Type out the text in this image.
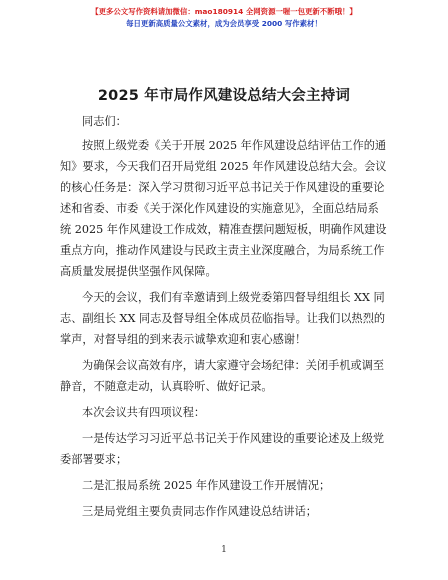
【更多公文写作资料请加微信：mao180914 全网资源一喔一包更新不断哦！】
每日更新高质量公文素材，成为会员享受 2000 写作素材！
2025 年市局作风建设总结大会主持词

同志们：

按照上级党委《关于开展 2025 年作风建设总结评估工作的通知》要求，今天我们召开局党组 2025 年作风建设总结大会。会议的核心任务是：深入学习贯彻习近平总书记关于作风建设的重要论述和省委、市委《关于深化作风建设的实施意见》，全面总结局系统 2025 年作风建设工作成效，精准查摆问题短板，明确作风建设重点方向，推动作风建设与民政主责主业深度融合，为局系统工作高质量发展提供坚强作风保障。

今天的会议，我们有幸邀请到上级党委第四督导组组长 XX 同志、副组长 XX 同志及督导组全体成员莅临指导。让我们以热烈的掌声，对督导组的到来表示诚挚欢迎和衷心感谢！

为确保会议高效有序，请大家遵守会场纪律：关闭手机或调至静音，不随意走动，认真聆听、做好记录。

本次会议共有四项议程：

一是传达学习习近平总书记关于作风建设的重要论述及上级党委部署要求；

二是汇报局系统 2025 年作风建设工作开展情况；

三是局党组主要负责同志作作风建设总结讲话；

1
